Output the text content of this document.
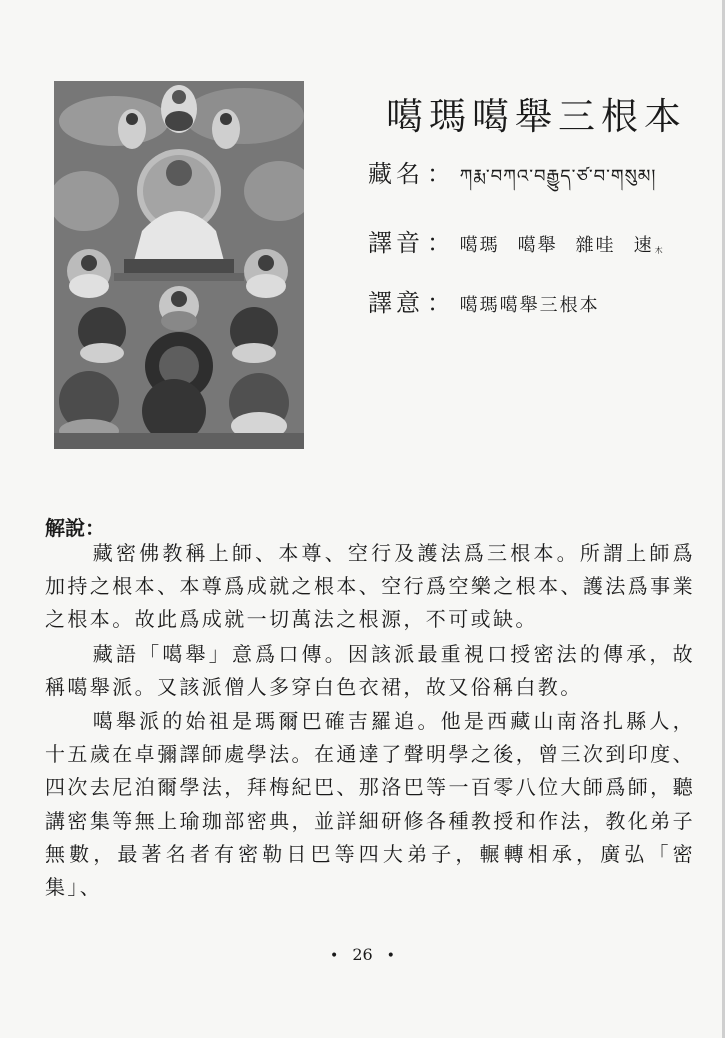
噶瑪噶舉三根本
藏名 ： ཀརྨ་བཀའ་བརྒྱུད་ཙ་བ་གསུམ།
譯音 ： 噶瑪 噶舉 雜哇 速木
譯意 ： 噶瑪噶舉三根本
解說：

藏密佛教稱上師、本尊、空行及護法爲三根本。所謂上師爲加持之根本、本尊爲成就之根本、空行爲空樂之根本、護法爲事業之根本。故此爲成就一切萬法之根源，不可或缺。

藏語「噶舉」意爲口傳。因該派最重視口授密法的傳承，故稱噶舉派。又該派僧人多穿白色衣裙，故又俗稱白教。

噶舉派的始祖是瑪爾巴確吉羅追。他是西藏山南洛扎縣人，十五歲在卓彌譯師處學法。在通達了聲明學之後，曾三次到印度、四次去尼泊爾學法，拜梅紀巴、那洛巴等一百零八位大師爲師，聽講密集等無上瑜珈部密典，並詳細研修各種教授和作法，教化弟子無數，最著名者有密勒日巴等四大弟子，輾轉相承，廣弘「密集」、

• 26 •
